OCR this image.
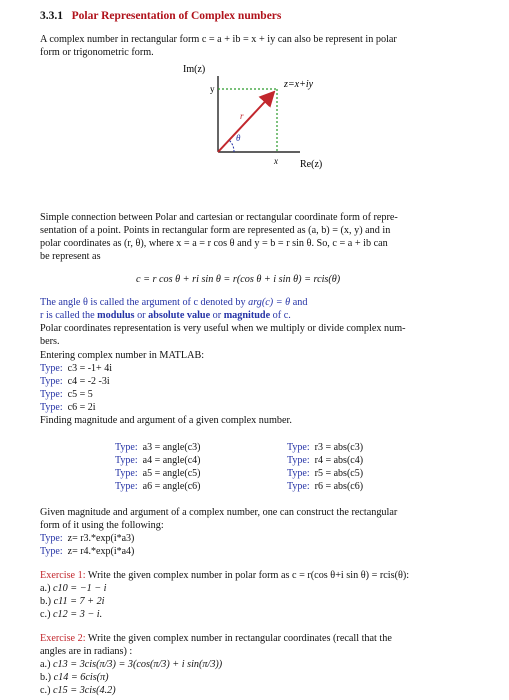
3.3.1 Polar Representation of Complex numbers
A complex number in rectangular form c = a + ib = x + iy can also be represent in polar
form or trigonometric form.
Im(z)
y	z=x+iy
r
θ
x Re(z)
Simple connection between Polar and cartesian or rectangular coordinate form of repre-
sentation of a point. Points in rectangular form are represented as (a, b) = (x, y) and in
polar coordinates as (r, θ), where x = a = r cos θ and y = b = r sin θ. So, c = a + ib can
be represent as
c = r cos θ + ri sin θ = r(cos θ + i sin θ) = rcis(θ)
The angle θ is called the argument of c denoted by arg(c) = θ and
r is called the modulus or absolute value or magnitude of c.
Polar coordinates representation is very useful when we multiply or divide complex num-
bers.
Entering complex number in MATLAB:
Type: c3 = -1+ 4i
Type: c4 = -2 -3i
Type: c5 = 5
Type: c6 = 2i
Finding magnitude and argument of a given complex number.
Type: a3 = angle(c3)
Type: a4 = angle(c4)
Type: a5 = angle(c5)
Type: a6 = angle(c6)
Type: r3 = abs(c3)
Type: r4 = abs(c4)
Type: r5 = abs(c5)
Type: r6 = abs(c6)
Given magnitude and argument of a complex number, one can construct the rectangular
form of it using the following:
Type: z= r3.*exp(i*a3)
Type: z= r4.*exp(i*a4)
Exercise 1: Write the given complex number in polar form as c = r(cos θ+i sin θ) = rcis(θ):
a.) c10 = −1 − i
b.) c11 = 7 + 2i
c.) c12 = 3 − i.
Exercise 2: Write the given complex number in rectangular coordinates (recall that the
angles are in radians) :
a.) c13 = 3cis(π/3) = 3(cos(π/3) + i sin(π/3))
b.) c14 = 6cis(π)
c.) c15 = 3cis(4.2)
